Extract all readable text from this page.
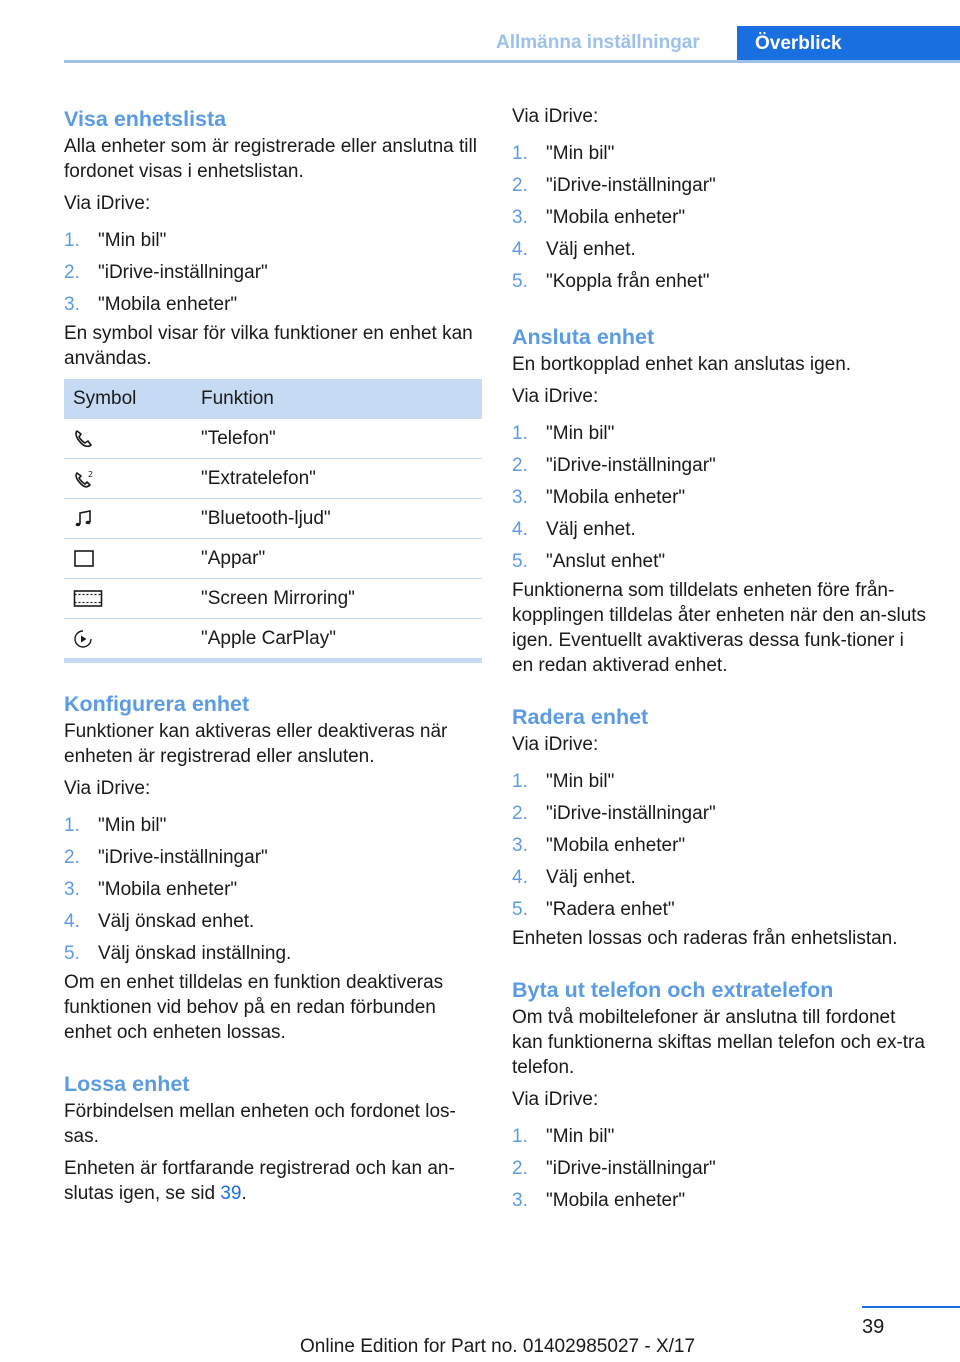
Allmänna inställningar	Överblick
Visa enhetslista

Alla enheter som är registrerade eller anslutna till fordonet visas i enhetslistan.

Via iDrive:

1. "Min bil"
2. "iDrive-inställningar"
3. "Mobila enheter"

En symbol visar för vilka funktioner en enhet kan användas.

Symbol	Funktion

	"Telefon"

2	"Extratelefon"

	"Bluetooth-ljud"

	"Appar"

	"Screen Mirroring"

	"Apple CarPlay"
Konfigurera enhet

Funktioner kan aktiveras eller deaktiveras när enheten är registrerad eller ansluten.

Via iDrive:

1. "Min bil"
2. "iDrive-inställningar"
3. "Mobila enheter"
4. Välj önskad enhet.
5. Välj önskad inställning.

Om en enhet tilldelas en funktion deaktiveras funktionen vid behov på en redan förbunden enhet och enheten lossas.

Lossa enhet

Förbindelsen mellan enheten och fordonet los-sas.

Enheten är fortfarande registrerad och kan an-slutas igen, se sid 39.

Via iDrive:

1. "Min bil"
2. "iDrive-inställningar"
3. "Mobila enheter"
4. Välj enhet.
5. "Koppla från enhet"
Ansluta enhet

En bortkopplad enhet kan anslutas igen.

Via iDrive:

1. "Min bil"
2. "iDrive-inställningar"
3. "Mobila enheter"
4. Välj enhet.
5. "Anslut enhet"

Funktionerna som tilldelats enheten före från-kopplingen tilldelas åter enheten när den an-sluts igen. Eventuellt avaktiveras dessa funk-tioner i en redan aktiverad enhet.

Radera enhet

Via iDrive:

1. "Min bil"
2. "iDrive-inställningar"
3. "Mobila enheter"
4. Välj enhet.
5. "Radera enhet"

Enheten lossas och raderas från enhetslistan.

Byta ut telefon och extratelefon

Om två mobiltelefoner är anslutna till fordonet kan funktionerna skiftas mellan telefon och ex-tra telefon.

Via iDrive:

1. "Min bil"
2. "iDrive-inställningar"
3. "Mobila enheter"
39
Online Edition for Part no. 01402985027 - X/17
